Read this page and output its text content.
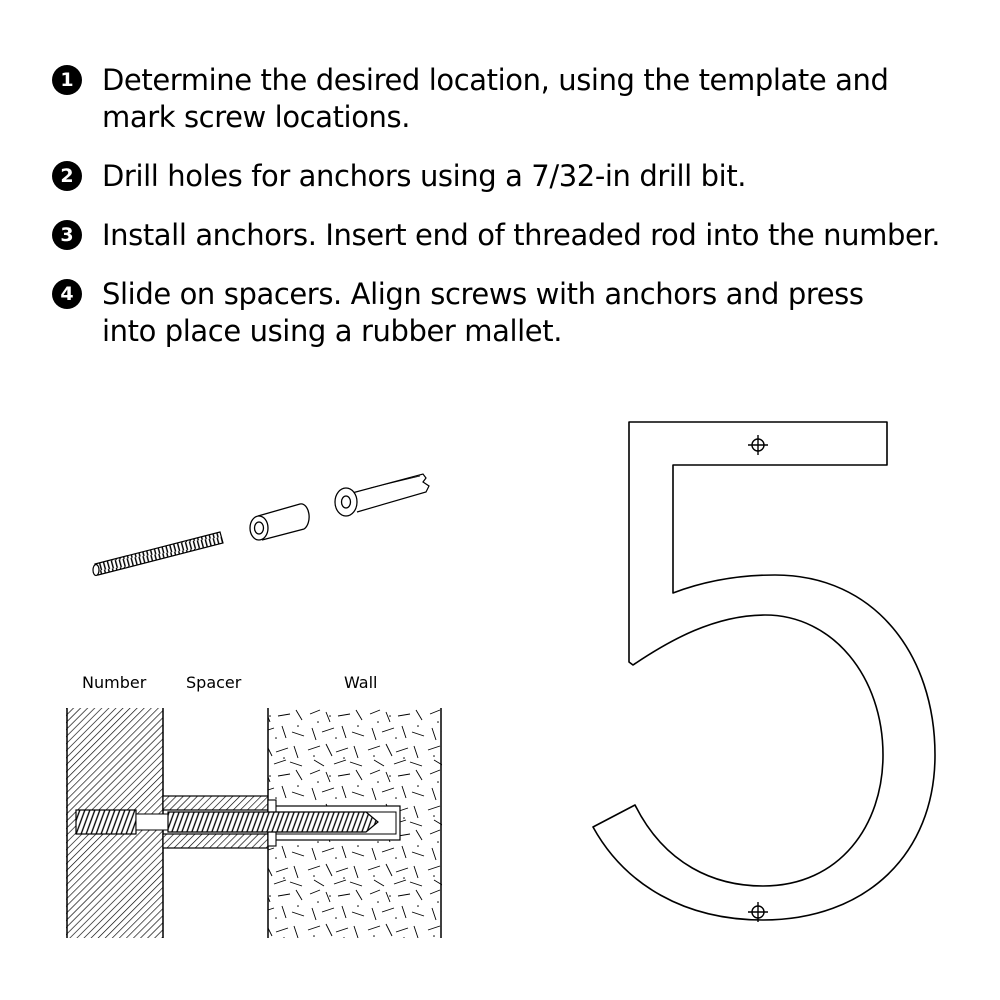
1 Determine the desired location, using the template and mark screw locations.
2 Drill holes for anchors using a 7/32-in drill bit.
3 Install anchors. Insert end of threaded rod into the number.
4 Slide on spacers. Align screws with anchors and press into place using a rubber mallet.
Number Spacer	Wall
